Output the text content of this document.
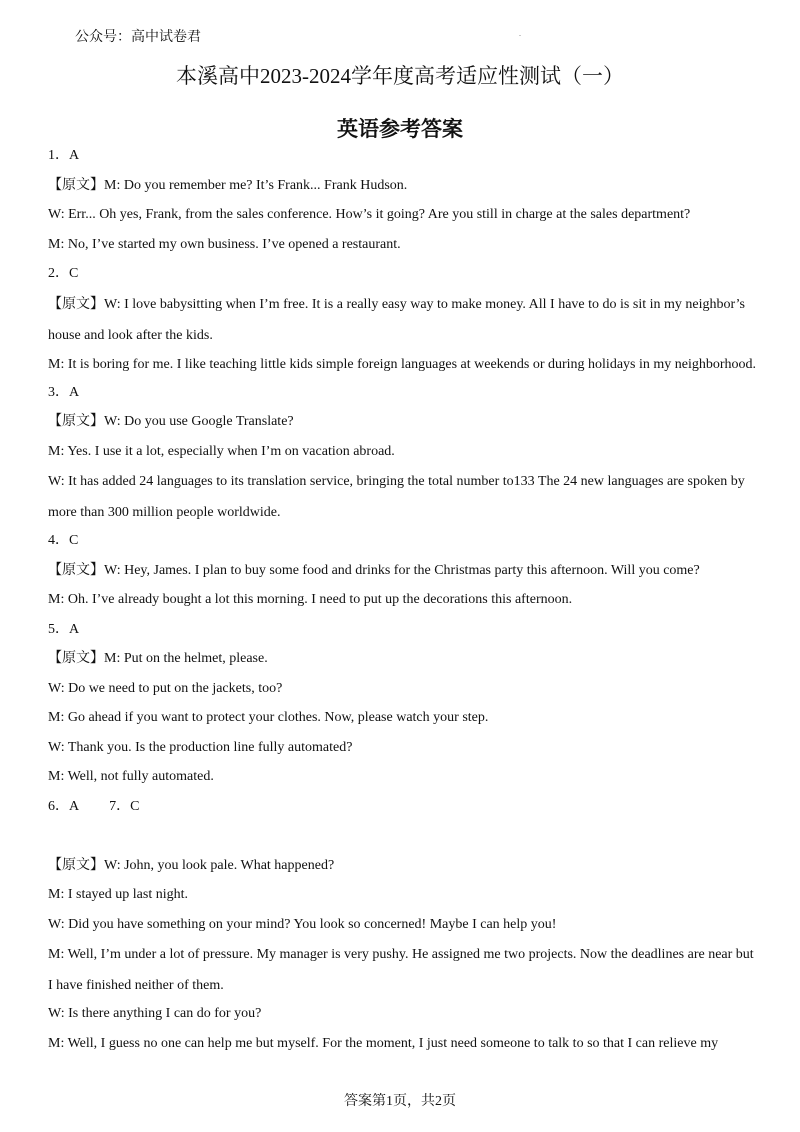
公众号：高中试卷君	.
本溪高中2023-2024学年度高考适应性测试（一）
英语参考答案
1．A
【原文】M: Do you remember me? It’s Frank... Frank Hudson.
W: Err... Oh yes, Frank, from the sales conference. How’s it going? Are you still in charge at the sales department?
M: No, I’ve started my own business. I’ve opened a restaurant.
2．C
【原文】W: I love babysitting when I’m free. It is a really easy way to make money. All I have to do is sit in my neighbor’s house and look after the kids.
M: It is boring for me. I like teaching little kids simple foreign languages at weekends or during holidays in my neighborhood.
3．A
【原文】W: Do you use Google Translate?
M: Yes. I use it a lot, especially when I’m on vacation abroad.
W: It has added 24 languages to its translation service, bringing the total number to133 The 24 new languages are spoken by more than 300 million people worldwide.
4．C
【原文】W: Hey, James. I plan to buy some food and drinks for the Christmas party this afternoon. Will you come?
M: Oh. I’ve already bought a lot this morning. I need to put up the decorations this afternoon.
5．A
【原文】M: Put on the helmet, please.
W: Do we need to put on the jackets, too?
M: Go ahead if you want to protect your clothes. Now, please watch your step.
W: Thank you. Is the production line fully automated?
M: Well, not fully automated.
6．A 7．C
【原文】W: John, you look pale. What happened?
M: I stayed up last night.
W: Did you have something on your mind? You look so concerned! Maybe I can help you!
M: Well, I’m under a lot of pressure. My manager is very pushy. He assigned me two projects. Now the deadlines are near but I have finished neither of them.
W: Is there anything I can do for you?
M: Well, I guess no one can help me but myself. For the moment, I just need someone to talk to so that I can relieve my
答案第1页，共2页
